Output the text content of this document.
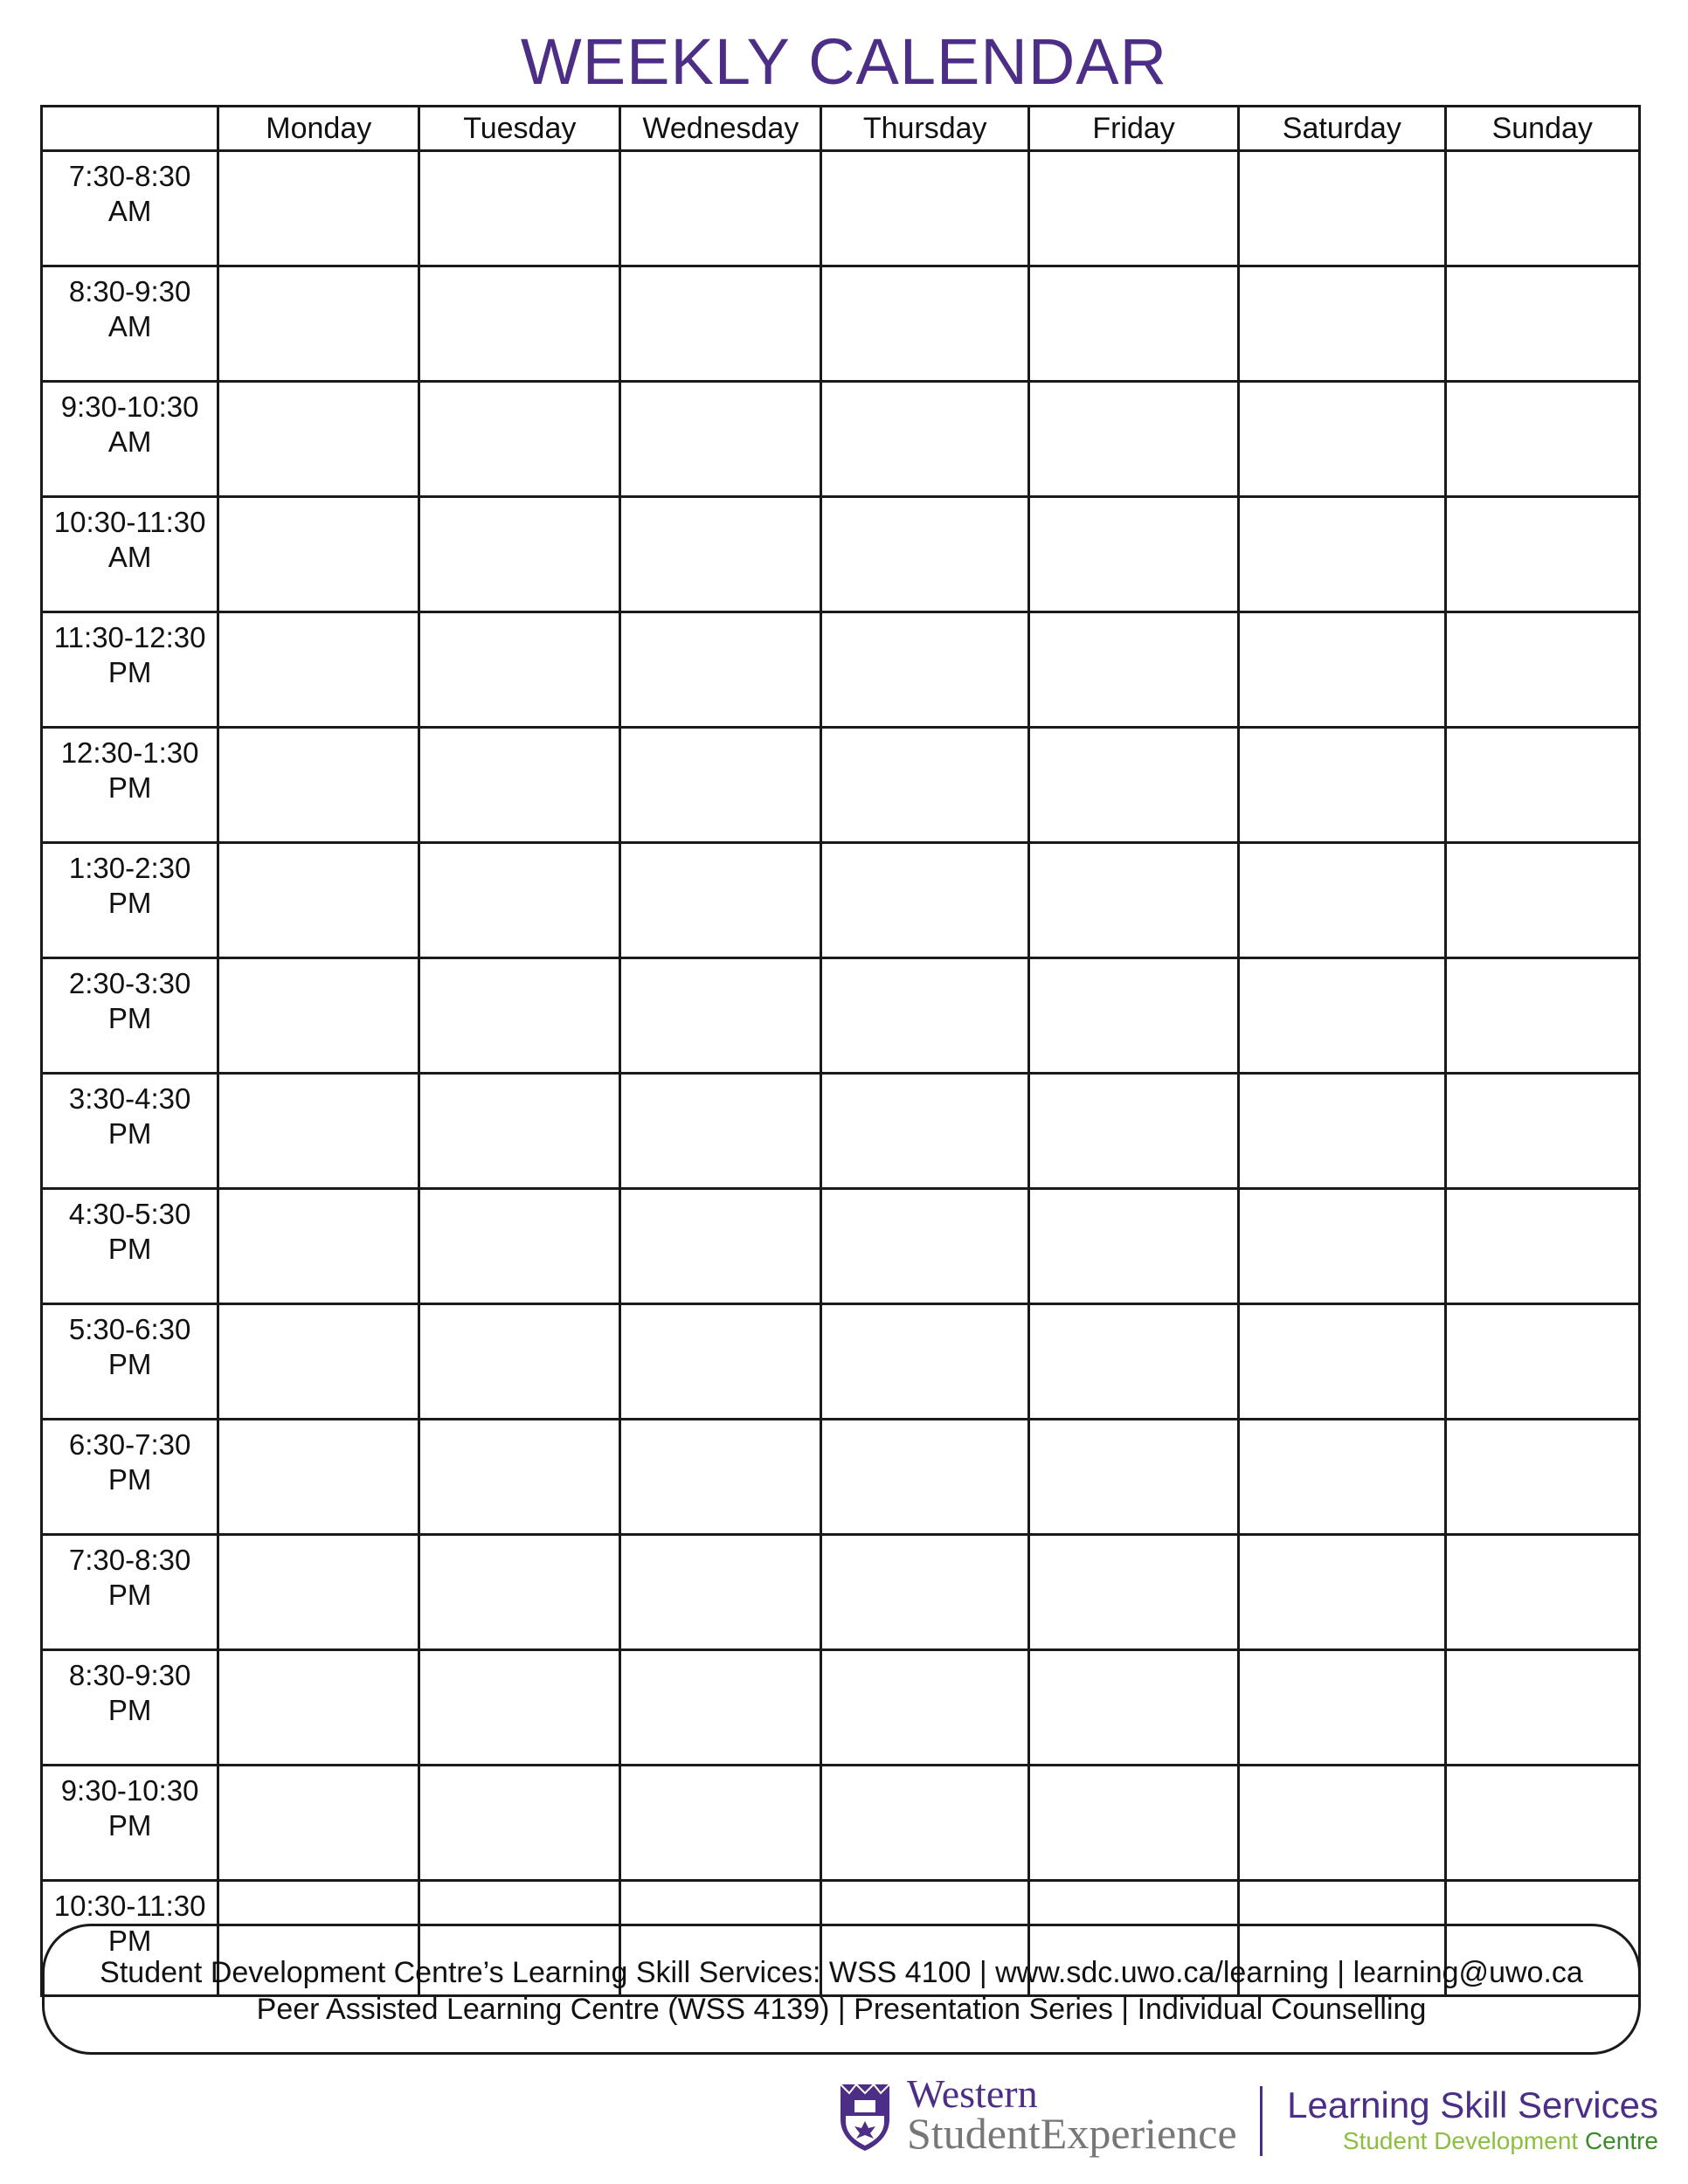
WEEKLY CALENDAR
	Monday	Tuesday	Wednesday	Thursday	Friday	Saturday	Sunday

7:30-8:30
AM							

8:30-9:30
AM							

9:30-10:30
AM							

10:30-11:30
AM							

11:30-12:30
PM							

12:30-1:30
PM							

1:30-2:30
PM							

2:30-3:30
PM							

3:30-4:30
PM							

4:30-5:30
PM							

5:30-6:30
PM							

6:30-7:30
PM							

7:30-8:30
PM							

8:30-9:30
PM							

9:30-10:30
PM							

10:30-11:30
PM							

Student Development Centre’s Learning Skill Services: WSS 4100 | www.sdc.uwo.ca/learning | learning@uwo.ca
Peer Assisted Learning Centre (WSS 4139) | Presentation Series | Individual Counselling
Western
StudentExperience
Learning Skill Services
Student Development Centre
